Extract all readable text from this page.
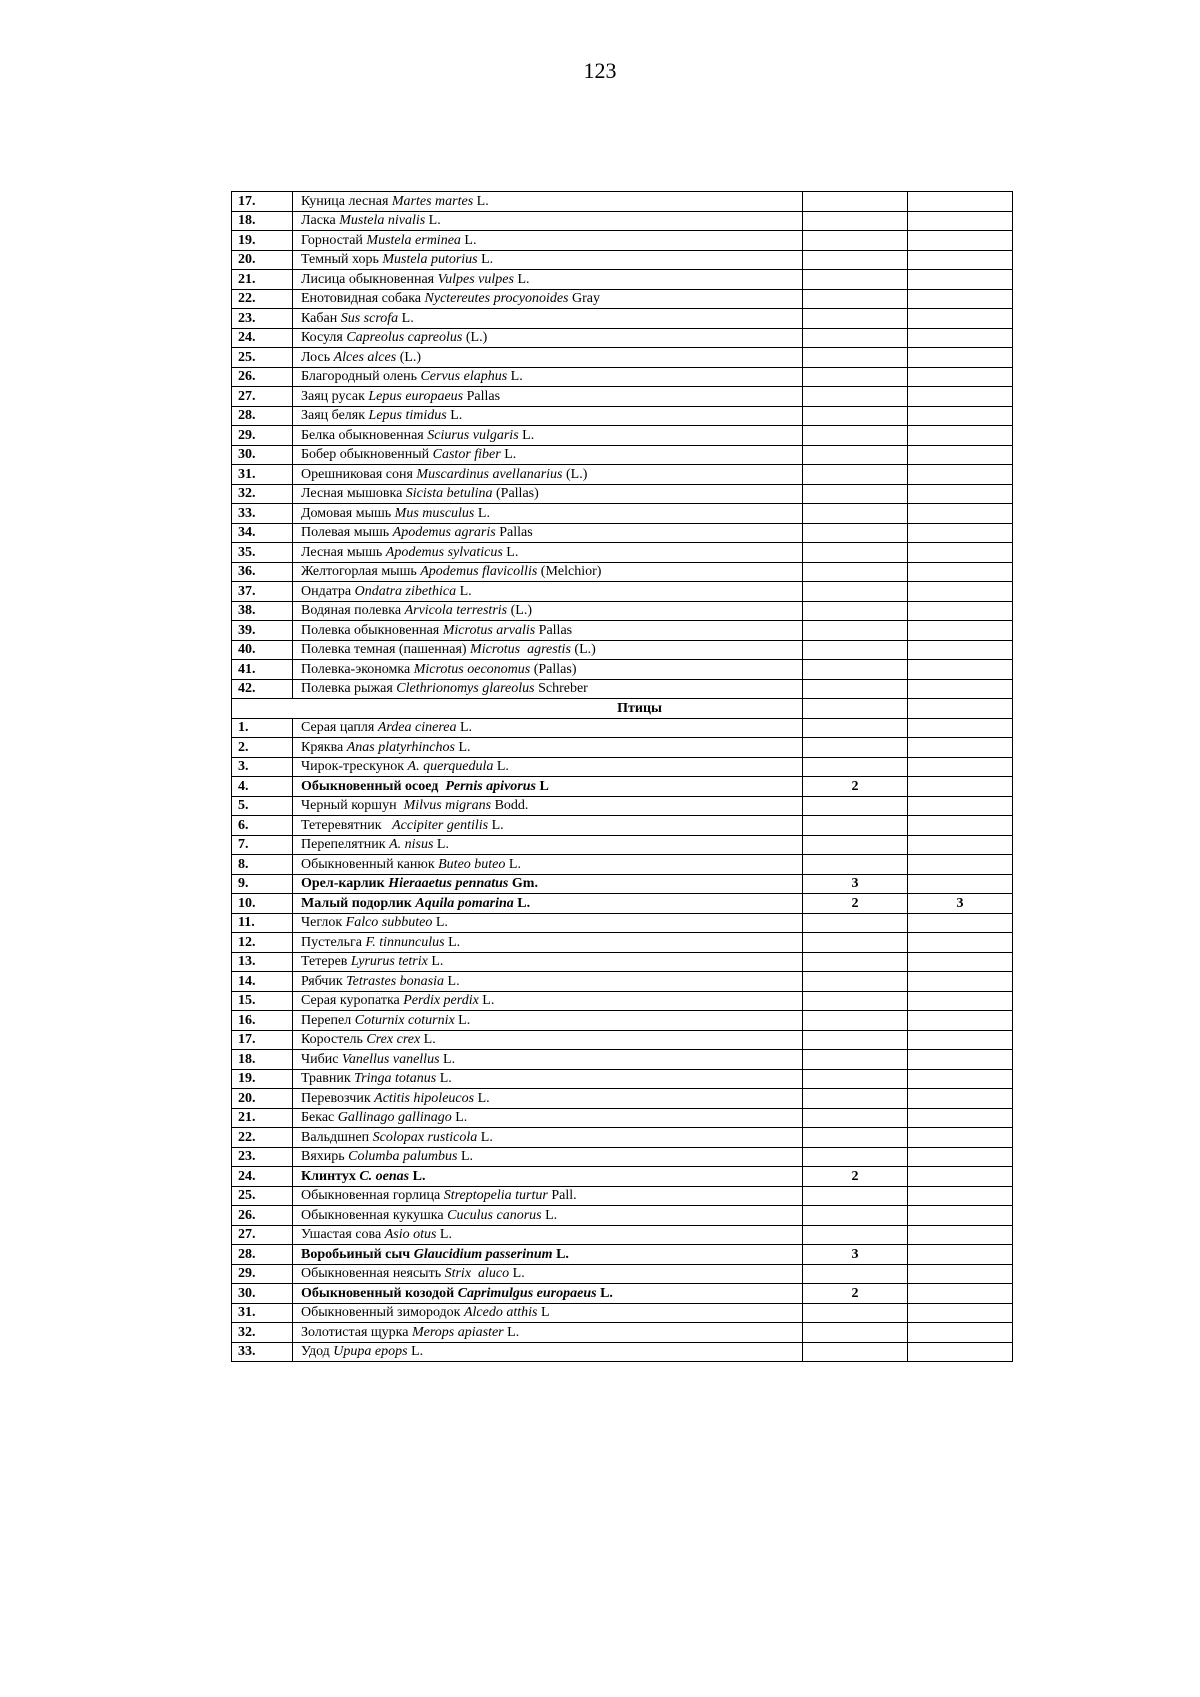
123
17.	Куница лесная Martes martes L.		
18.	Ласка Mustela nivalis L.		
19.	Горностай Mustela erminea L.		
20.	Темный хорь Mustela putorius L.		
21.	Лисица обыкновенная Vulpes vulpes L.		
22.	Енотовидная собака Nyctereutes procyonoides Gray		
23.	Кабан Sus scrofa L.		
24.	Косуля Capreolus capreolus (L.)		
25.	Лось Alces alces (L.)		
26.	Благородный олень Cervus elaphus L.		
27.	Заяц русак Lepus europaeus Pallas		
28.	Заяц беляк Lepus timidus L.		
29.	Белка обыкновенная Sciurus vulgaris L.		
30.	Бобер обыкновенный Castor fiber L.		
31.	Орешниковая соня Muscardinus avellanarius (L.)		
32.	Лесная мышовка Sicista betulina (Pallas)		
33.	Домовая мышь Mus musculus L.		
34.	Полевая мышь Apodemus agraris Pallas		
35.	Лесная мышь Apodemus sylvaticus L.		
36.	Желтогорлая мышь Apodemus flavicollis (Melchior)		
37.	Ондатра Ondatra zibethica L.		
38.	Водяная полевка Arvicola terrestris (L.)		
39.	Полевка обыкновенная Microtus arvalis Pallas		
40.	Полевка темная (пашенная) Microtus  agrestis (L.)		
41.	Полевка-экономка Microtus oeconomus (Pallas)		
42.	Полевка рыжая Clethrionomys glareolus Schreber		
Птицы			
1.	Серая цапля Ardea cinerea L.		
2.	Кряква Anas platyrhinchos L.		
3.	Чирок-трескунок A. querquedula L.		
4.	Обыкновенный осоед  Pernis apivorus L	2	
5.	Черный коршун  Milvus migrans Bodd.		
6.	Тетеревятник   Accipiter gentilis L.		
7.	Перепелятник A. nisus L.		
8.	Обыкновенный канюк Buteo buteo L.		
9.	Орел-карлик Hieraaetus pennatus Gm.	3	
10.	Малый подорлик Aquila pomarina L.	2	3
11.	Чеглок Falco subbuteo L.		
12.	Пустельга F. tinnunculus L.		
13.	Тетерев Lyrurus tetrix L.		
14.	Рябчик Tetrastes bonasia L.		
15.	Серая куропатка Perdix perdix L.		
16.	Перепел Coturnix coturnix L.		
17.	Коростель Crex crex L.		
18.	Чибис Vanellus vanellus L.		
19.	Травник Tringa totanus L.		
20.	Перевозчик Actitis hipoleucos L.		
21.	Бекас Gallinago gallinago L.		
22.	Вальдшнеп Scolopax rusticola L.		
23.	Вяхирь Columba palumbus L.		
24.	Клинтух C. oenas L.	2	
25.	Обыкновенная горлица Streptopelia turtur Pall.		
26.	Обыкновенная кукушка Cuculus canorus L.		
27.	Ушастая сова Asio otus L.		
28.	Воробьиный сыч Glaucidium passerinum L.	3	
29.	Обыкновенная неясыть Strix  aluco L.		
30.	Обыкновенный козодой Caprimulgus europaeus L.	2	
31.	Обыкновенный зимородок Alcedo atthis L		
32.	Золотистая щурка Merops apiaster L.		
33.	Удод Upupa epops L.		
